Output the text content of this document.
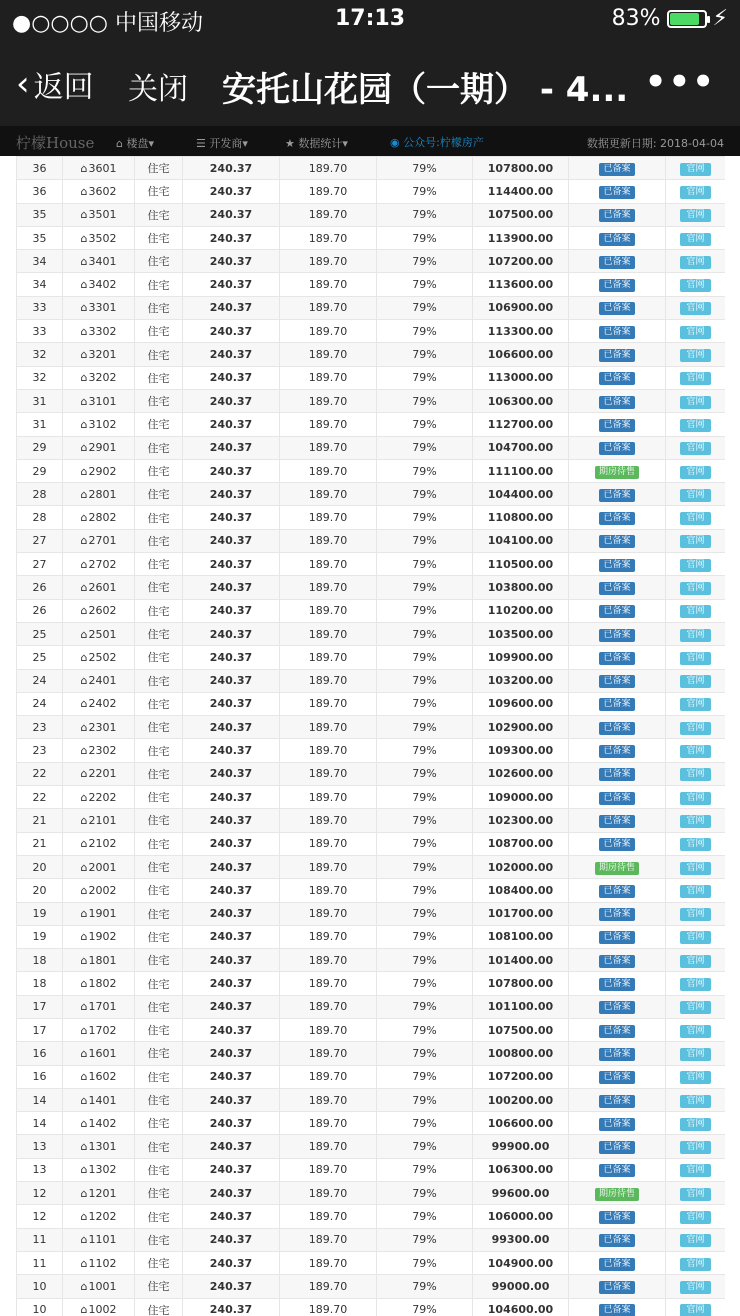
●○○○○ 中国移动	17:13	83% ⚡
‹ 返回 关闭 安托山花园（一期） - 4... •••
柠檬House ⌂ 楼盘▾	☰ 开发商▾	★ 数据统计▾	◉ 公众号:柠檬房产	数据更新日期: 2018-04-04
36	⌂3601	住宅	240.37	189.70	79%	107800.00	已备案	官网
36	⌂3602	住宅	240.37	189.70	79%	114400.00	已备案	官网
35	⌂3501	住宅	240.37	189.70	79%	107500.00	已备案	官网
35	⌂3502	住宅	240.37	189.70	79%	113900.00	已备案	官网
34	⌂3401	住宅	240.37	189.70	79%	107200.00	已备案	官网
34	⌂3402	住宅	240.37	189.70	79%	113600.00	已备案	官网
33	⌂3301	住宅	240.37	189.70	79%	106900.00	已备案	官网
33	⌂3302	住宅	240.37	189.70	79%	113300.00	已备案	官网
32	⌂3201	住宅	240.37	189.70	79%	106600.00	已备案	官网
32	⌂3202	住宅	240.37	189.70	79%	113000.00	已备案	官网
31	⌂3101	住宅	240.37	189.70	79%	106300.00	已备案	官网
31	⌂3102	住宅	240.37	189.70	79%	112700.00	已备案	官网
29	⌂2901	住宅	240.37	189.70	79%	104700.00	已备案	官网
29	⌂2902	住宅	240.37	189.70	79%	111100.00	期房待售	官网
28	⌂2801	住宅	240.37	189.70	79%	104400.00	已备案	官网
28	⌂2802	住宅	240.37	189.70	79%	110800.00	已备案	官网
27	⌂2701	住宅	240.37	189.70	79%	104100.00	已备案	官网
27	⌂2702	住宅	240.37	189.70	79%	110500.00	已备案	官网
26	⌂2601	住宅	240.37	189.70	79%	103800.00	已备案	官网
26	⌂2602	住宅	240.37	189.70	79%	110200.00	已备案	官网
25	⌂2501	住宅	240.37	189.70	79%	103500.00	已备案	官网
25	⌂2502	住宅	240.37	189.70	79%	109900.00	已备案	官网
24	⌂2401	住宅	240.37	189.70	79%	103200.00	已备案	官网
24	⌂2402	住宅	240.37	189.70	79%	109600.00	已备案	官网
23	⌂2301	住宅	240.37	189.70	79%	102900.00	已备案	官网
23	⌂2302	住宅	240.37	189.70	79%	109300.00	已备案	官网
22	⌂2201	住宅	240.37	189.70	79%	102600.00	已备案	官网
22	⌂2202	住宅	240.37	189.70	79%	109000.00	已备案	官网
21	⌂2101	住宅	240.37	189.70	79%	102300.00	已备案	官网
21	⌂2102	住宅	240.37	189.70	79%	108700.00	已备案	官网
20	⌂2001	住宅	240.37	189.70	79%	102000.00	期房待售	官网
20	⌂2002	住宅	240.37	189.70	79%	108400.00	已备案	官网
19	⌂1901	住宅	240.37	189.70	79%	101700.00	已备案	官网
19	⌂1902	住宅	240.37	189.70	79%	108100.00	已备案	官网
18	⌂1801	住宅	240.37	189.70	79%	101400.00	已备案	官网
18	⌂1802	住宅	240.37	189.70	79%	107800.00	已备案	官网
17	⌂1701	住宅	240.37	189.70	79%	101100.00	已备案	官网
17	⌂1702	住宅	240.37	189.70	79%	107500.00	已备案	官网
16	⌂1601	住宅	240.37	189.70	79%	100800.00	已备案	官网
16	⌂1602	住宅	240.37	189.70	79%	107200.00	已备案	官网
14	⌂1401	住宅	240.37	189.70	79%	100200.00	已备案	官网
14	⌂1402	住宅	240.37	189.70	79%	106600.00	已备案	官网
13	⌂1301	住宅	240.37	189.70	79%	99900.00	已备案	官网
13	⌂1302	住宅	240.37	189.70	79%	106300.00	已备案	官网
12	⌂1201	住宅	240.37	189.70	79%	99600.00	期房待售	官网
12	⌂1202	住宅	240.37	189.70	79%	106000.00	已备案	官网
11	⌂1101	住宅	240.37	189.70	79%	99300.00	已备案	官网
11	⌂1102	住宅	240.37	189.70	79%	104900.00	已备案	官网
10	⌂1001	住宅	240.37	189.70	79%	99000.00	已备案	官网
10	⌂1002	住宅	240.37	189.70	79%	104600.00	已备案	官网
